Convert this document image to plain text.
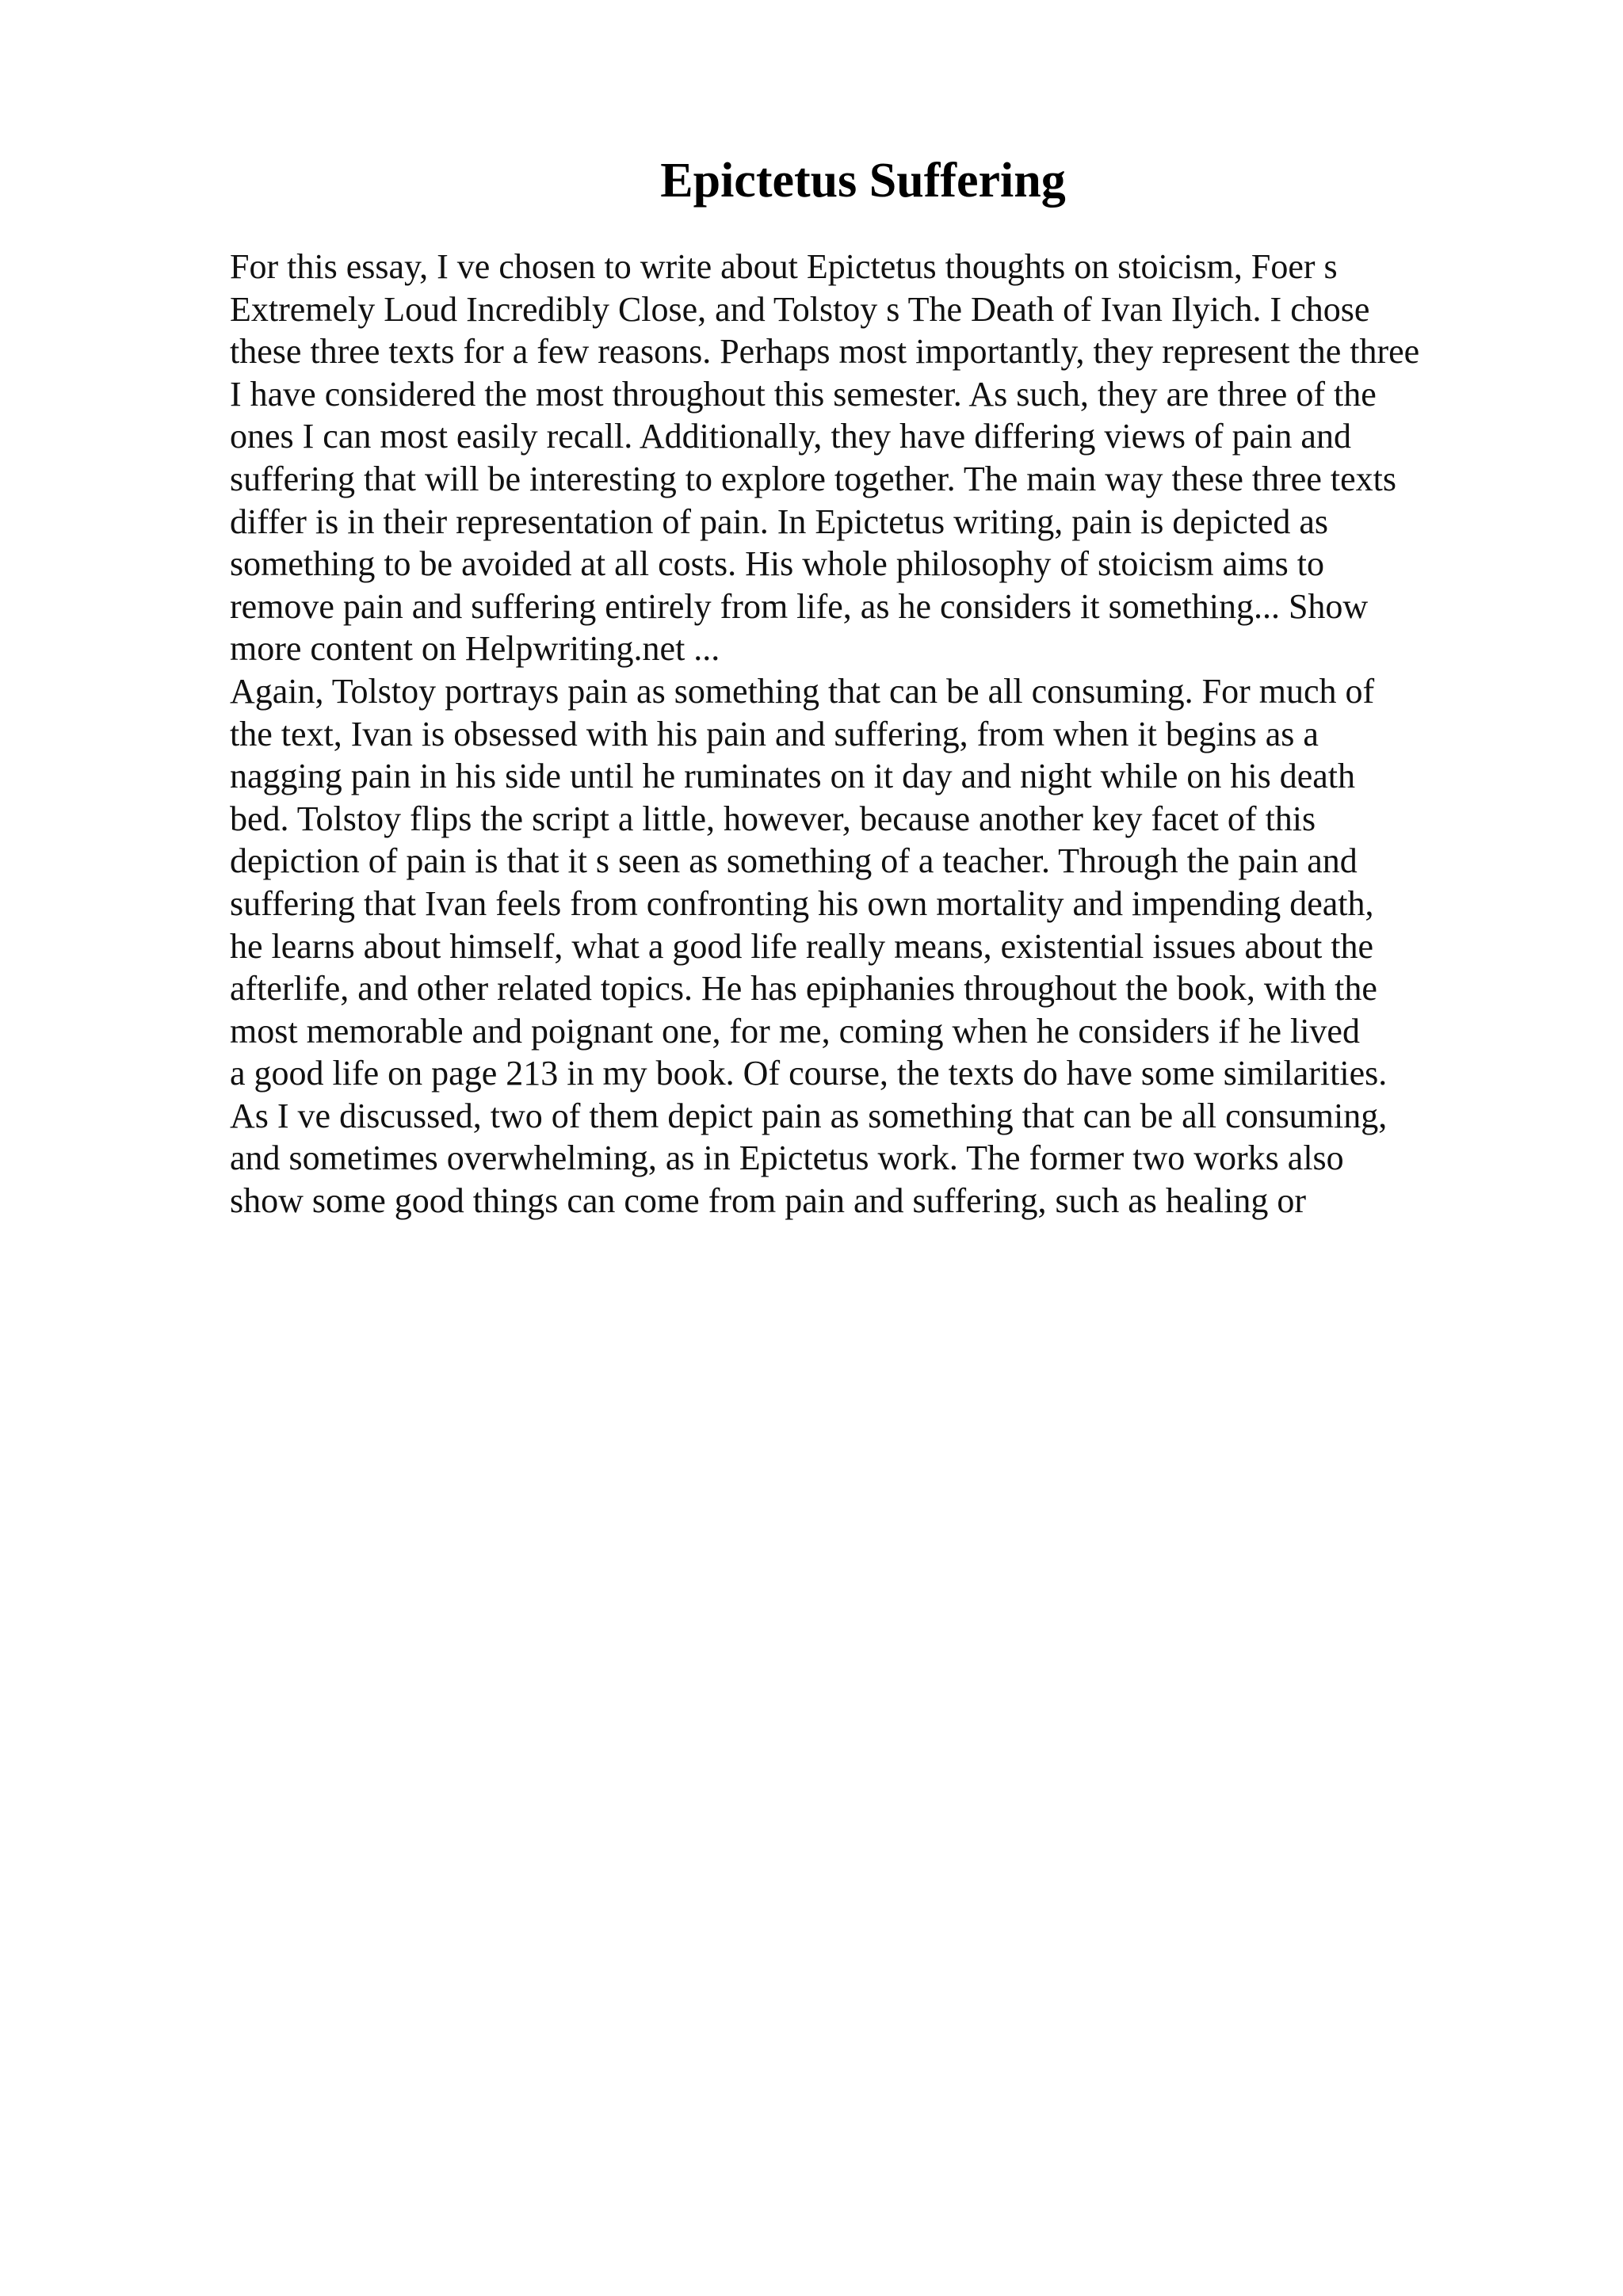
Epictetus Suffering
For this essay, I ve chosen to write about Epictetus thoughts on stoicism, Foer s
Extremely Loud Incredibly Close, and Tolstoy s The Death of Ivan Ilyich. I chose
these three texts for a few reasons. Perhaps most importantly, they represent the three
I have considered the most throughout this semester. As such, they are three of the
ones I can most easily recall. Additionally, they have differing views of pain and
suffering that will be interesting to explore together. The main way these three texts
differ is in their representation of pain. In Epictetus writing, pain is depicted as
something to be avoided at all costs. His whole philosophy of stoicism aims to
remove pain and suffering entirely from life, as he considers it something... Show
more content on Helpwriting.net ...
Again, Tolstoy portrays pain as something that can be all consuming. For much of
the text, Ivan is obsessed with his pain and suffering, from when it begins as a
nagging pain in his side until he ruminates on it day and night while on his death
bed. Tolstoy flips the script a little, however, because another key facet of this
depiction of pain is that it s seen as something of a teacher. Through the pain and
suffering that Ivan feels from confronting his own mortality and impending death,
he learns about himself, what a good life really means, existential issues about the
afterlife, and other related topics. He has epiphanies throughout the book, with the
most memorable and poignant one, for me, coming when he considers if he lived
a good life on page 213 in my book. Of course, the texts do have some similarities.
As I ve discussed, two of them depict pain as something that can be all consuming,
and sometimes overwhelming, as in Epictetus work. The former two works also
show some good things can come from pain and suffering, such as healing or
